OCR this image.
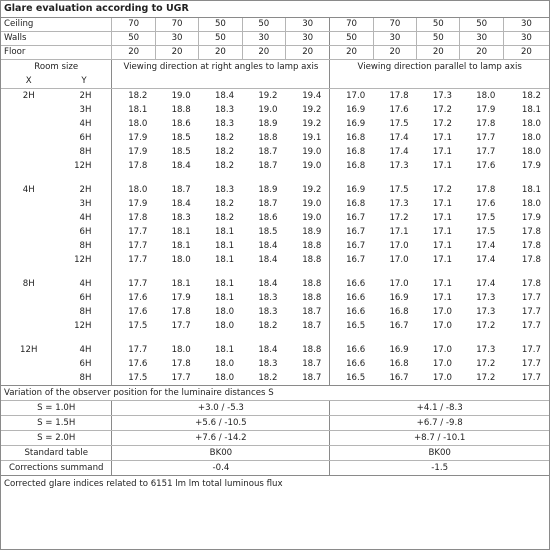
Glare evaluation according to UGR											
Ceiling		70	70	50	50	30	70	70	50	50	30
Walls		50	30	50	30	30	50	30	50	30	30
Floor		20	20	20	20	20	20	20	20	20	20
Room size		Viewing direction at right angles to lamp axis					Viewing direction parallel to lamp axis				
X	Y										
2H	2H	18.2	19.0	18.4	19.2	19.4	17.0	17.8	17.3	18.0	18.2
	3H	18.1	18.8	18.3	19.0	19.2	16.9	17.6	17.2	17.9	18.1
	4H	18.0	18.6	18.3	18.9	19.2	16.9	17.5	17.2	17.8	18.0
	6H	17.9	18.5	18.2	18.8	19.1	16.8	17.4	17.1	17.7	18.0
	8H	17.9	18.5	18.2	18.7	19.0	16.8	17.4	17.1	17.7	18.0
	12H	17.8	18.4	18.2	18.7	19.0	16.8	17.3	17.1	17.6	17.9

4H	2H	18.0	18.7	18.3	18.9	19.2	16.9	17.5	17.2	17.8	18.1
	3H	17.9	18.4	18.2	18.7	19.0	16.8	17.3	17.1	17.6	18.0
	4H	17.8	18.3	18.2	18.6	19.0	16.7	17.2	17.1	17.5	17.9
	6H	17.7	18.1	18.1	18.5	18.9	16.7	17.1	17.1	17.5	17.8
	8H	17.7	18.1	18.1	18.4	18.8	16.7	17.0	17.1	17.4	17.8
	12H	17.7	18.0	18.1	18.4	18.8	16.7	17.0	17.1	17.4	17.8

8H	4H	17.7	18.1	18.1	18.4	18.8	16.6	17.0	17.1	17.4	17.8
	6H	17.6	17.9	18.1	18.3	18.8	16.6	16.9	17.1	17.3	17.7
	8H	17.6	17.8	18.0	18.3	18.7	16.6	16.8	17.0	17.3	17.7
	12H	17.5	17.7	18.0	18.2	18.7	16.5	16.7	17.0	17.2	17.7

12H	4H	17.7	18.0	18.1	18.4	18.8	16.6	16.9	17.0	17.3	17.7
	6H	17.6	17.8	18.0	18.3	18.7	16.6	16.8	17.0	17.2	17.7
	8H	17.5	17.7	18.0	18.2	18.7	16.5	16.7	17.0	17.2	17.7
Variation of the observer position for the luminaire distances S											
S = 1.0H		+3.0 / -5.3					+4.1 / -8.3				
S = 1.5H		+5.6 / -10.5					+6.7 / -9.8				
S = 2.0H		+7.6 / -14.2					+8.7 / -10.1				
Standard table		BK00					BK00				
Corrections summand		-0.4					-1.5				
Corrected glare indices related to 6151 lm lm total luminous flux											
